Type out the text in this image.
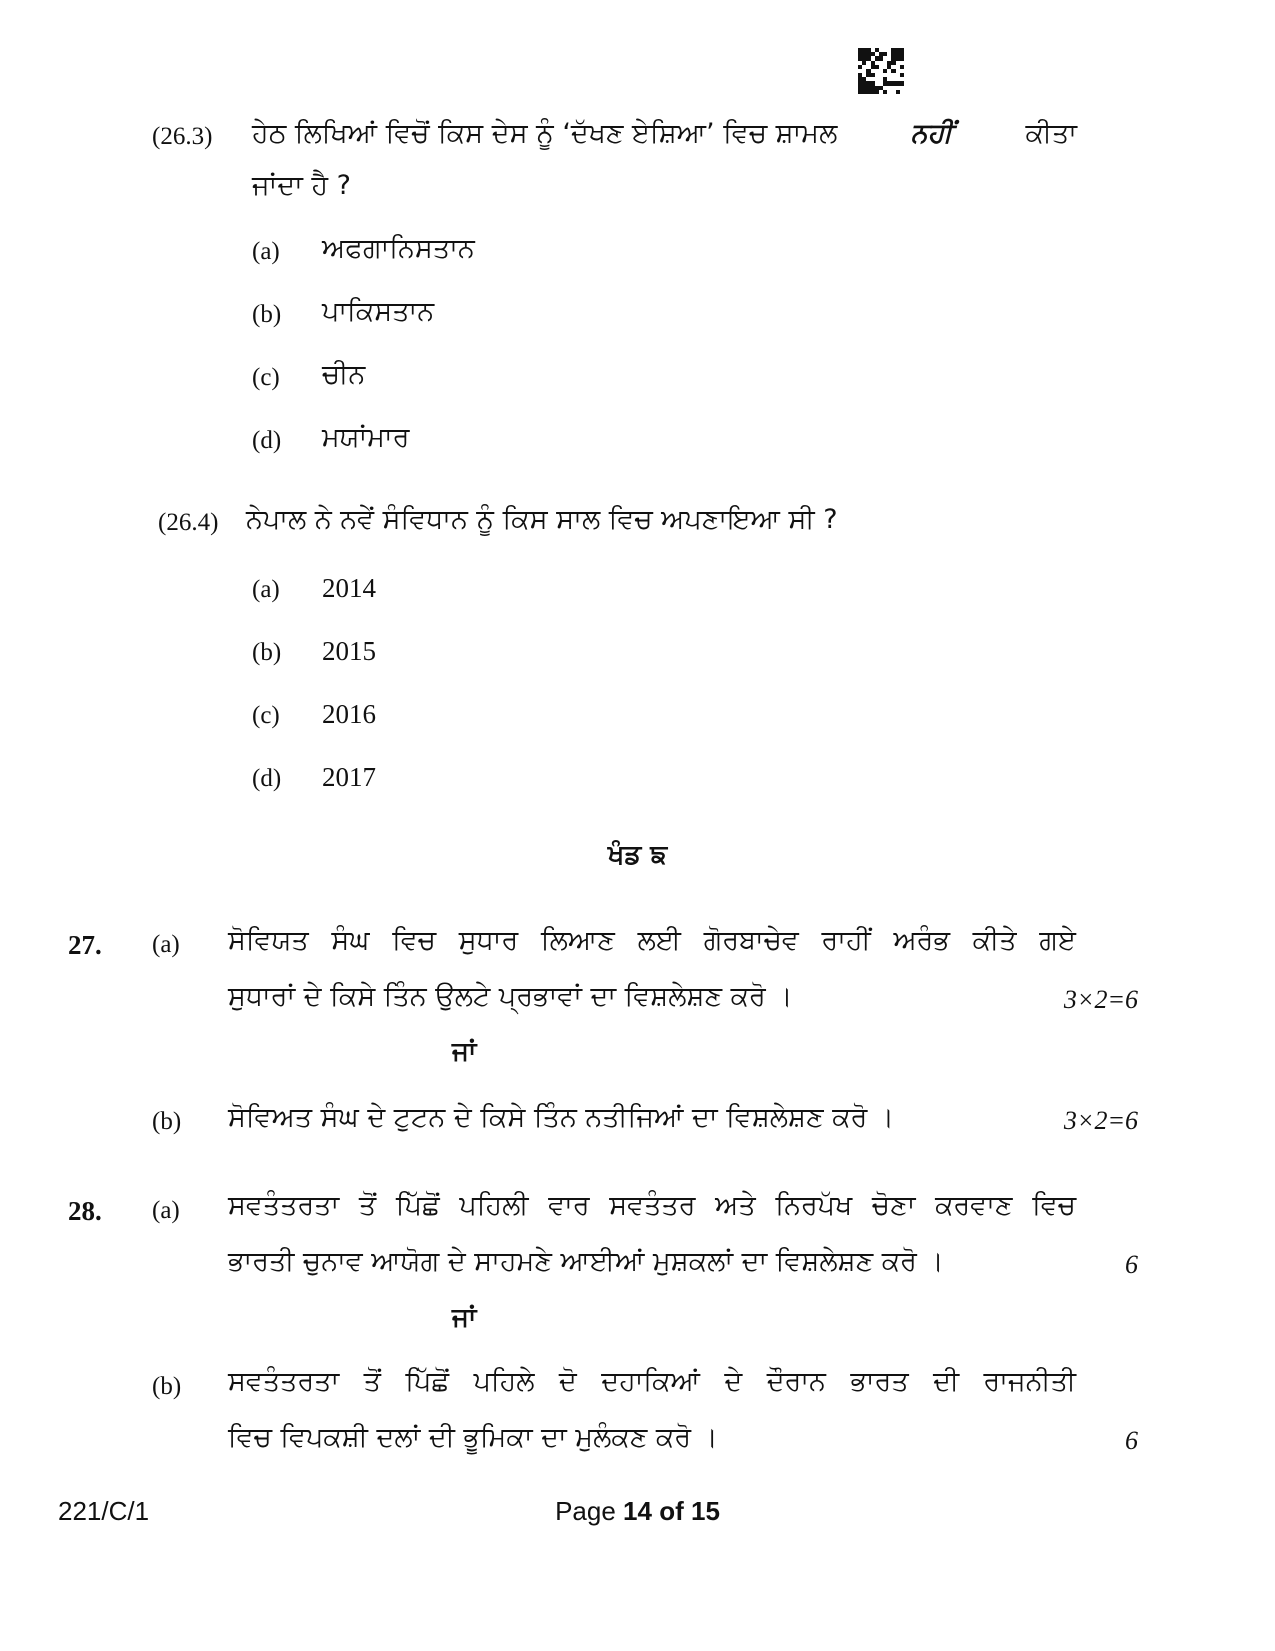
(26.3) ਹੇਠ ਲਿਖਿਆਂ ਵਿਚੋਂ ਕਿਸ ਦੇਸ ਨੂੰ ‘ਦੱਖਣ ਏਸ਼ਿਆ’ ਵਿਚ ਸ਼ਾਮਲ	ਨਹੀਂ	ਕੀਤਾ
ਜਾਂਦਾ ਹੈ ?
(a) ਅਫਗਾਨਿਸਤਾਨ
(b) ਪਾਕਿਸਤਾਨ
(c) ਚੀਨ
(d) ਮਯਾਂਮਾਰ
(26.4) ਨੇਪਾਲ ਨੇ ਨਵੇਂ ਸੰਵਿਧਾਨ ਨੂੰ ਕਿਸ ਸਾਲ ਵਿਚ ਅਪਣਾਇਆ ਸੀ ?
(a) 2014
(b) 2015
(c) 2016
(d) 2017
ਖੰਡ ਙ
27. (a) ਸੋਵਿਯਤ ਸੰਘ ਵਿਚ ਸੁਧਾਰ ਲਿਆਣ ਲਈ ਗੋਰਬਾਚੇਵ ਰਾਹੀਂ ਅਰੰਭ ਕੀਤੇ ਗਏ
ਸੁਧਾਰਾਂ ਦੇ ਕਿਸੇ ਤਿੰਨ ਉਲਟੇ ਪ੍ਰਭਾਵਾਂ ਦਾ ਵਿਸ਼ਲੇਸ਼ਣ ਕਰੋ ।	3×2=6
ਜਾਂ
(b) ਸੋਵਿਅਤ ਸੰਘ ਦੇ ਟੁਟਨ ਦੇ ਕਿਸੇ ਤਿੰਨ ਨਤੀਜਿਆਂ ਦਾ ਵਿਸ਼ਲੇਸ਼ਣ ਕਰੋ ।	3×2=6
28. (a) ਸਵਤੰਤਰਤਾ ਤੋਂ ਪਿੱਛੋਂ ਪਹਿਲੀ ਵਾਰ ਸਵਤੰਤਰ ਅਤੇ ਨਿਰਪੱਖ ਚੋਣਾ ਕਰਵਾਣ ਵਿਚ
ਭਾਰਤੀ ਚੁਨਾਵ ਆਯੋਗ ਦੇ ਸਾਹਮਣੇ ਆਈਆਂ ਮੁਸ਼ਕਲਾਂ ਦਾ ਵਿਸ਼ਲੇਸ਼ਣ ਕਰੋ ।	6
ਜਾਂ
(b) ਸਵਤੰਤਰਤਾ ਤੋਂ ਪਿੱਛੋਂ ਪਹਿਲੇ ਦੋ ਦਹਾਕਿਆਂ ਦੇ ਦੌਰਾਨ ਭਾਰਤ ਦੀ ਰਾਜਨੀਤੀ
ਵਿਚ ਵਿਪਕਸ਼ੀ ਦਲਾਂ ਦੀ ਭੂਮਿਕਾ ਦਾ ਮੁਲੰਕਣ ਕਰੋ ।	6
221/C/1	Page 14 of 15
